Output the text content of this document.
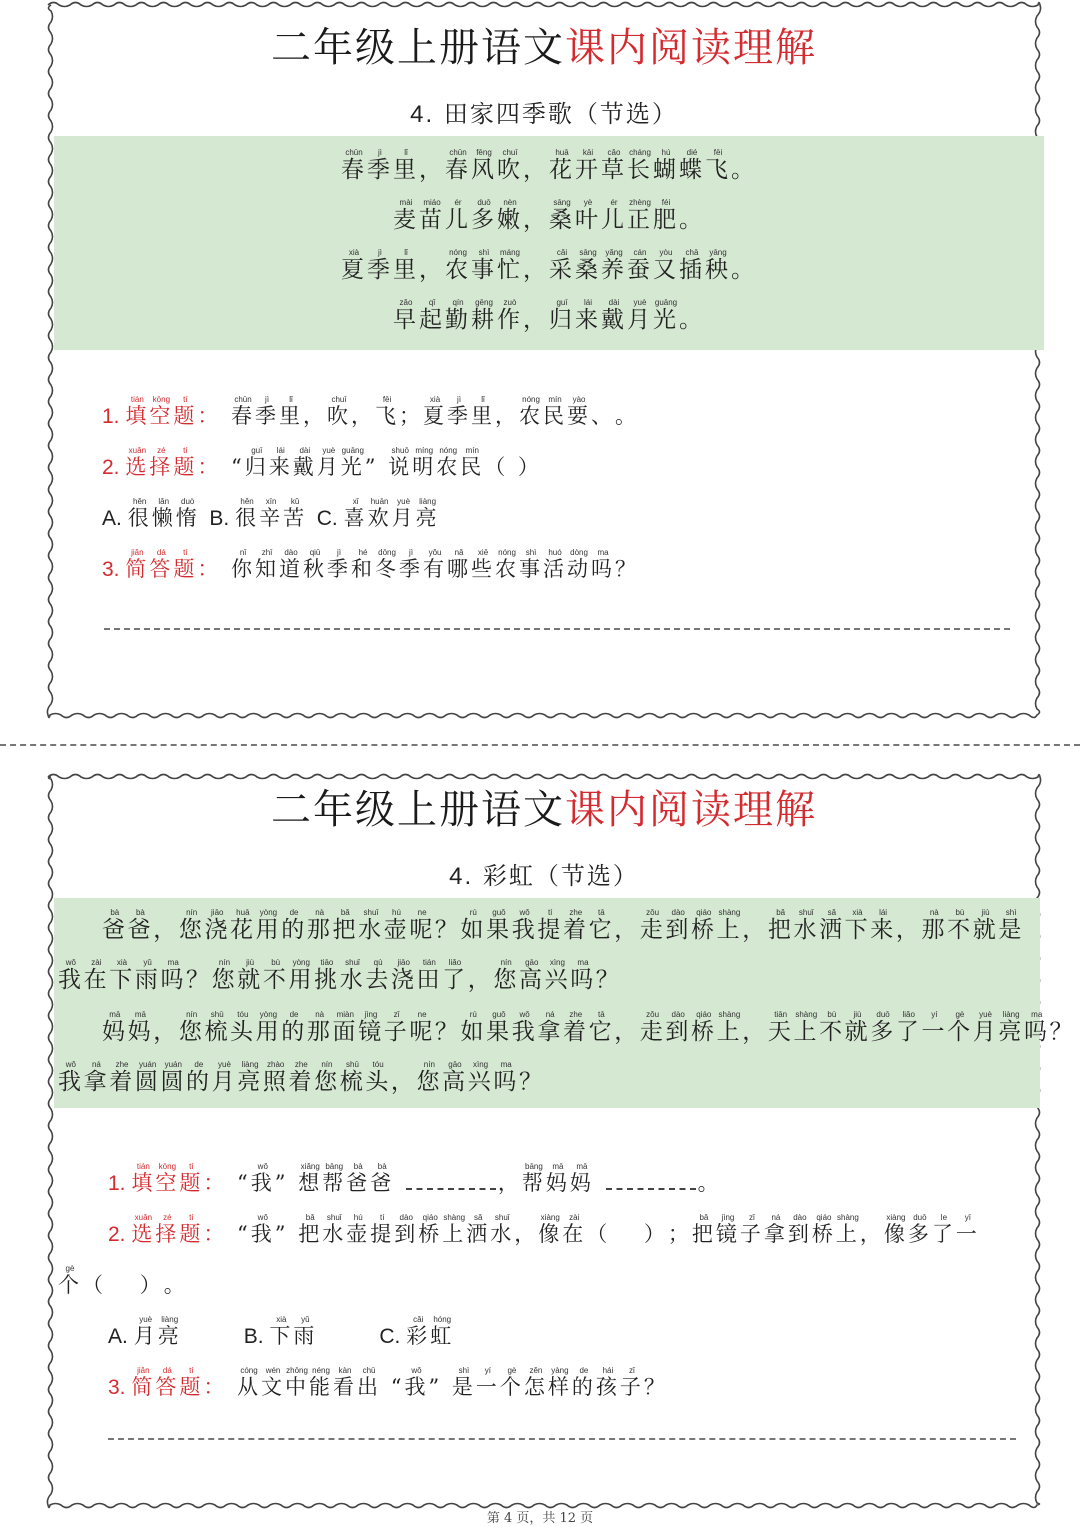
二年级上册语文课内阅读理解
4. 田家四季歌（节选）
春chūn季jì里lǐ， 春chūn风fēng吹chuī， 花huā开kāi草cǎo长cháng蝴hú蝶dié飞fēi。
麦mài苗miáo儿ér多duō嫩nèn， 桑sāng叶yè儿ér正zhèng肥féi。
夏xià季jì里lǐ， 农nóng事shì忙máng， 采cǎi桑sāng养yǎng蚕cán又yòu插chā秧yāng。
早zǎo起qǐ勤qín耕gēng作zuò， 归guī来lái戴dài月yuè光guāng。
1. 填tián空kōng题tí： 春chūn季jì里lǐ， 吹chuī， 飞fēi； 夏xià季jì里lǐ， 农nóng民mín要yào、 。
2. 选xuǎn择zé题tí： “ 归guī来lái戴dài月yuè光guāng” 说shuō明míng农nóng民mín（ ）
A. 很hěn懒lǎn惰duò B. 很hěn辛xīn苦kǔ C. 喜xǐ欢huān月yuè亮liàng
3. 简jiǎn答dá题tí： 你nǐ知zhī道dào秋qiū季jì和hé冬dōng季jì有yǒu哪nǎ些xiē农nóng事shì活huó动dòng吗ma？
二年级上册语文课内阅读理解
4. 彩虹（节选）
爸bà爸bà， 您nín浇jiāo花huā用yòng的de那nà把bǎ水shuǐ壶hú呢ne？ 如rú果guǒ我wǒ提tí着zhe它tā， 走zǒu到dào桥qiáo上shàng， 把bǎ水shuǐ洒sǎ下xià来lái， 那nà不bù就jiù是shì
我wǒ在zài下xià雨yǔ吗ma？ 您nín就jiù不bù用yòng挑tiāo水shuǐ去qù浇jiāo田tián了liǎo， 您nín高gāo兴xìng吗ma？
妈mā妈mā， 您nín梳shū头tóu用yòng的de那nà面miàn镜jìng子zǐ呢ne？ 如rú果guǒ我wǒ拿ná着zhe它tā， 走zǒu到dào桥qiáo上shàng， 天tiān上shàng不bù就jiù多duō了liǎo一yí个gè月yuè亮liàng吗ma？
我wǒ拿ná着zhe圆yuán圆yuán的de月yuè亮liàng照zhào着zhe您nín梳shū头tóu， 您nín高gāo兴xìng吗ma？
1. 填tián空kōng题tí： “ 我wǒ” 想xiǎng帮bāng爸bà爸bà ， 帮bāng妈mā妈mā 。
2. 选xuǎn择zé题tí： “ 我wǒ” 把bǎ水shuǐ壶hú提tí到dào桥qiáo上shàng洒sǎ水shuǐ， 像xiàng在zài（ 　 ） ； 把bǎ镜jìng子zǐ拿ná到dào桥qiáo上shàng， 像xiàng多duō了le一yī
个gè（ 　 ） 。
A. 月yuè亮liàngB. 下xià雨yǔC. 彩cǎi虹hóng
3. 简jiǎn答dá题tí： 从cóng文wén中zhōng能néng看kàn出chū  “ 我wǒ” 是shì一yí个gè怎zěn样yàng的de孩hái子zǐ？
第 4 页，共 12 页
